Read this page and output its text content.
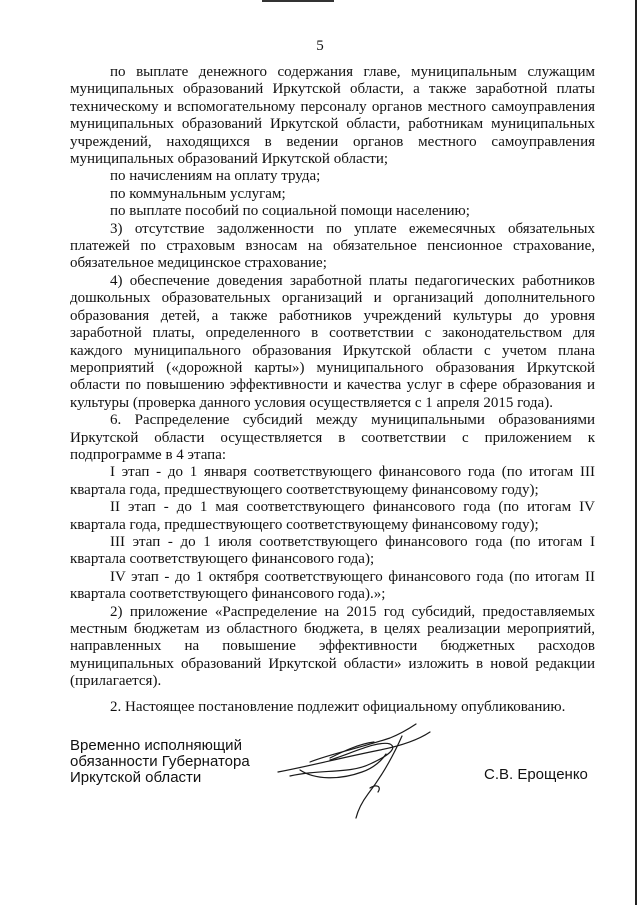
5

по выплате денежного содержания главе, муниципальным служащим муниципальных образований Иркутской области, а также заработной платы техническому и вспомогательному персоналу органов местного самоуправления муниципальных образований Иркутской области, работникам муниципальных учреждений, находящихся в ведении органов местного самоуправления муниципальных образований Иркутской области;

по начислениям на оплату труда;

по коммунальным услугам;

по выплате пособий по социальной помощи населению;

3) отсутствие задолженности по уплате ежемесячных обязательных платежей по страховым взносам на обязательное пенсионное страхование, обязательное медицинское страхование;

4) обеспечение доведения заработной платы педагогических работников дошкольных образовательных организаций и организаций дополнительного образования детей, а также работников учреждений культуры до уровня заработной платы, определенного в соответствии с законодательством для каждого муниципального образования Иркутской области с учетом плана мероприятий («дорожной карты») муниципального образования Иркутской области по повышению эффективности и качества услуг в сфере образования и культуры (проверка данного условия осуществляется с 1 апреля 2015 года).

6. Распределение субсидий между муниципальными образованиями Иркутской области осуществляется в соответствии с приложением к подпрограмме в 4 этапа:

I этап - до 1 января соответствующего финансового года (по итогам III квартала года, предшествующего соответствующему финансовому году);

II этап - до 1 мая соответствующего финансового года (по итогам IV квартала года, предшествующего соответствующему финансовому году);

III этап - до 1 июля соответствующего финансового года (по итогам I квартала соответствующего финансового года);

IV этап - до 1 октября соответствующего финансового года (по итогам II квартала соответствующего финансового года).»;

2) приложение «Распределение на 2015 год субсидий, предоставляемых местным бюджетам из областного бюджета, в целях реализации мероприятий, направленных на повышение эффективности бюджетных расходов муниципальных образований Иркутской области» изложить в новой редакции (прилагается).

2. Настоящее постановление подлежит официальному опубликованию.

Временно исполняющий
обязанности Губернатора
Иркутской области	С.В. Ерощенко
